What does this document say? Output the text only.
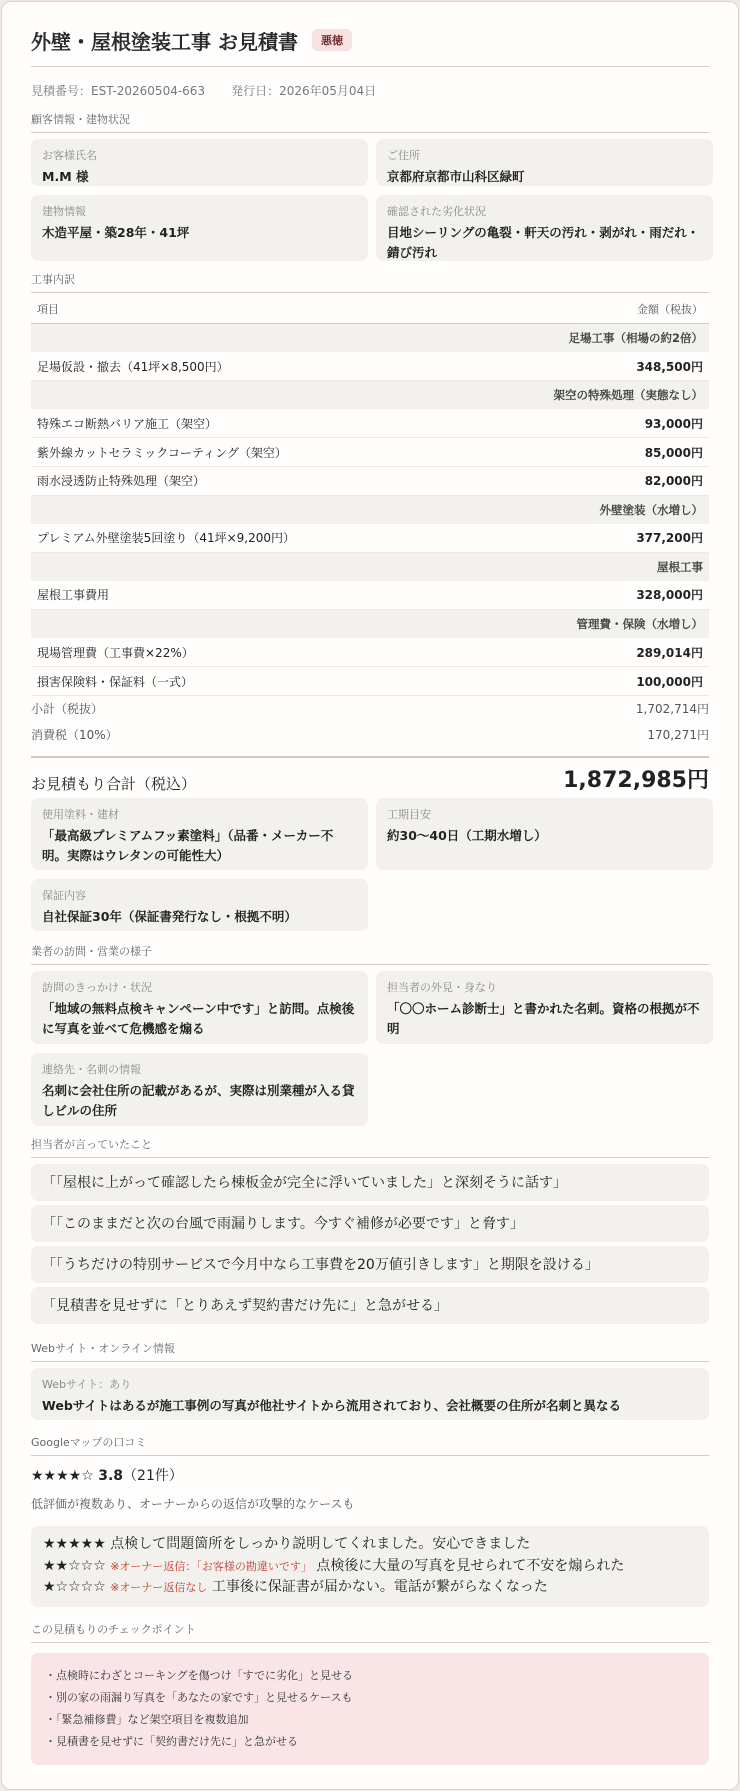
外壁・屋根塗装工事 お見積書	悪徳
見積番号：EST-20260504-663 発行日：2026年05月04日
顧客情報・建物状況
お客様氏名
M.M 様
ご住所
京都府京都市山科区緑町
建物情報
木造平屋・築28年・41坪
確認された劣化状況
目地シーリングの亀裂・軒天の汚れ・剥がれ・雨だれ・錆び汚れ
工事内訳
項目	金額（税抜）
足場工事（相場の約2倍）	
足場仮設・撤去（41坪×8,500円）	348,500円
架空の特殊処理（実態なし）	
特殊エコ断熱バリア施工（架空）	93,000円
紫外線カットセラミックコーティング（架空）	85,000円
雨水浸透防止特殊処理（架空）	82,000円
外壁塗装（水増し）	
プレミアム外壁塗装5回塗り（41坪×9,200円）	377,200円
屋根工事	
屋根工事費用	328,000円
管理費・保険（水増し）	
現場管理費（工事費×22%）	289,014円
損害保険料・保証料（一式）	100,000円
小計（税抜）	1,702,714円
消費税（10%）	170,271円
お見積もり合計（税込）	1,872,985円
使用塗料・建材
「最高級プレミアムフッ素塗料」（品番・メーカー不明。実際はウレタンの可能性大）
工期目安
約30〜40日（工期水増し）
保証内容
自社保証30年（保証書発行なし・根拠不明）
業者の訪問・営業の様子
訪問のきっかけ・状況
「地域の無料点検キャンペーン中です」と訪問。点検後に写真を並べて危機感を煽る
担当者の外見・身なり
「〇〇ホーム診断士」と書かれた名刺。資格の根拠が不明
連絡先・名刺の情報
名刺に会社住所の記載があるが、実際は別業種が入る貸しビルの住所
担当者が言っていたこと
「「屋根に上がって確認したら棟板金が完全に浮いていました」と深刻そうに話す」
「「このままだと次の台風で雨漏りします。今すぐ補修が必要です」と脅す」
「「うちだけの特別サービスで今月中なら工事費を20万値引きします」と期限を設ける」
「見積書を見せずに「とりあえず契約書だけ先に」と急がせる」
Webサイト・オンライン情報
Webサイト：あり
Webサイトはあるが施工事例の写真が他社サイトから流用されており、会社概要の住所が名刺と異なる
Googleマップの口コミ
★★★★☆ 3.8（21件）
低評価が複数あり、オーナーからの返信が攻撃的なケースも
★★★★★ 点検して問題箇所をしっかり説明してくれました。安心できました
★★☆☆☆ ※オーナー返信：「お客様の勘違いです」 点検後に大量の写真を見せられて不安を煽られた
★☆☆☆☆ ※オーナー返信なし 工事後に保証書が届かない。電話が繋がらなくなった
この見積もりのチェックポイント
・点検時にわざとコーキングを傷つけ「すでに劣化」と見せる
・別の家の雨漏り写真を「あなたの家です」と見せるケースも
・「緊急補修費」など架空項目を複数追加
・見積書を見せずに「契約書だけ先に」と急がせる
